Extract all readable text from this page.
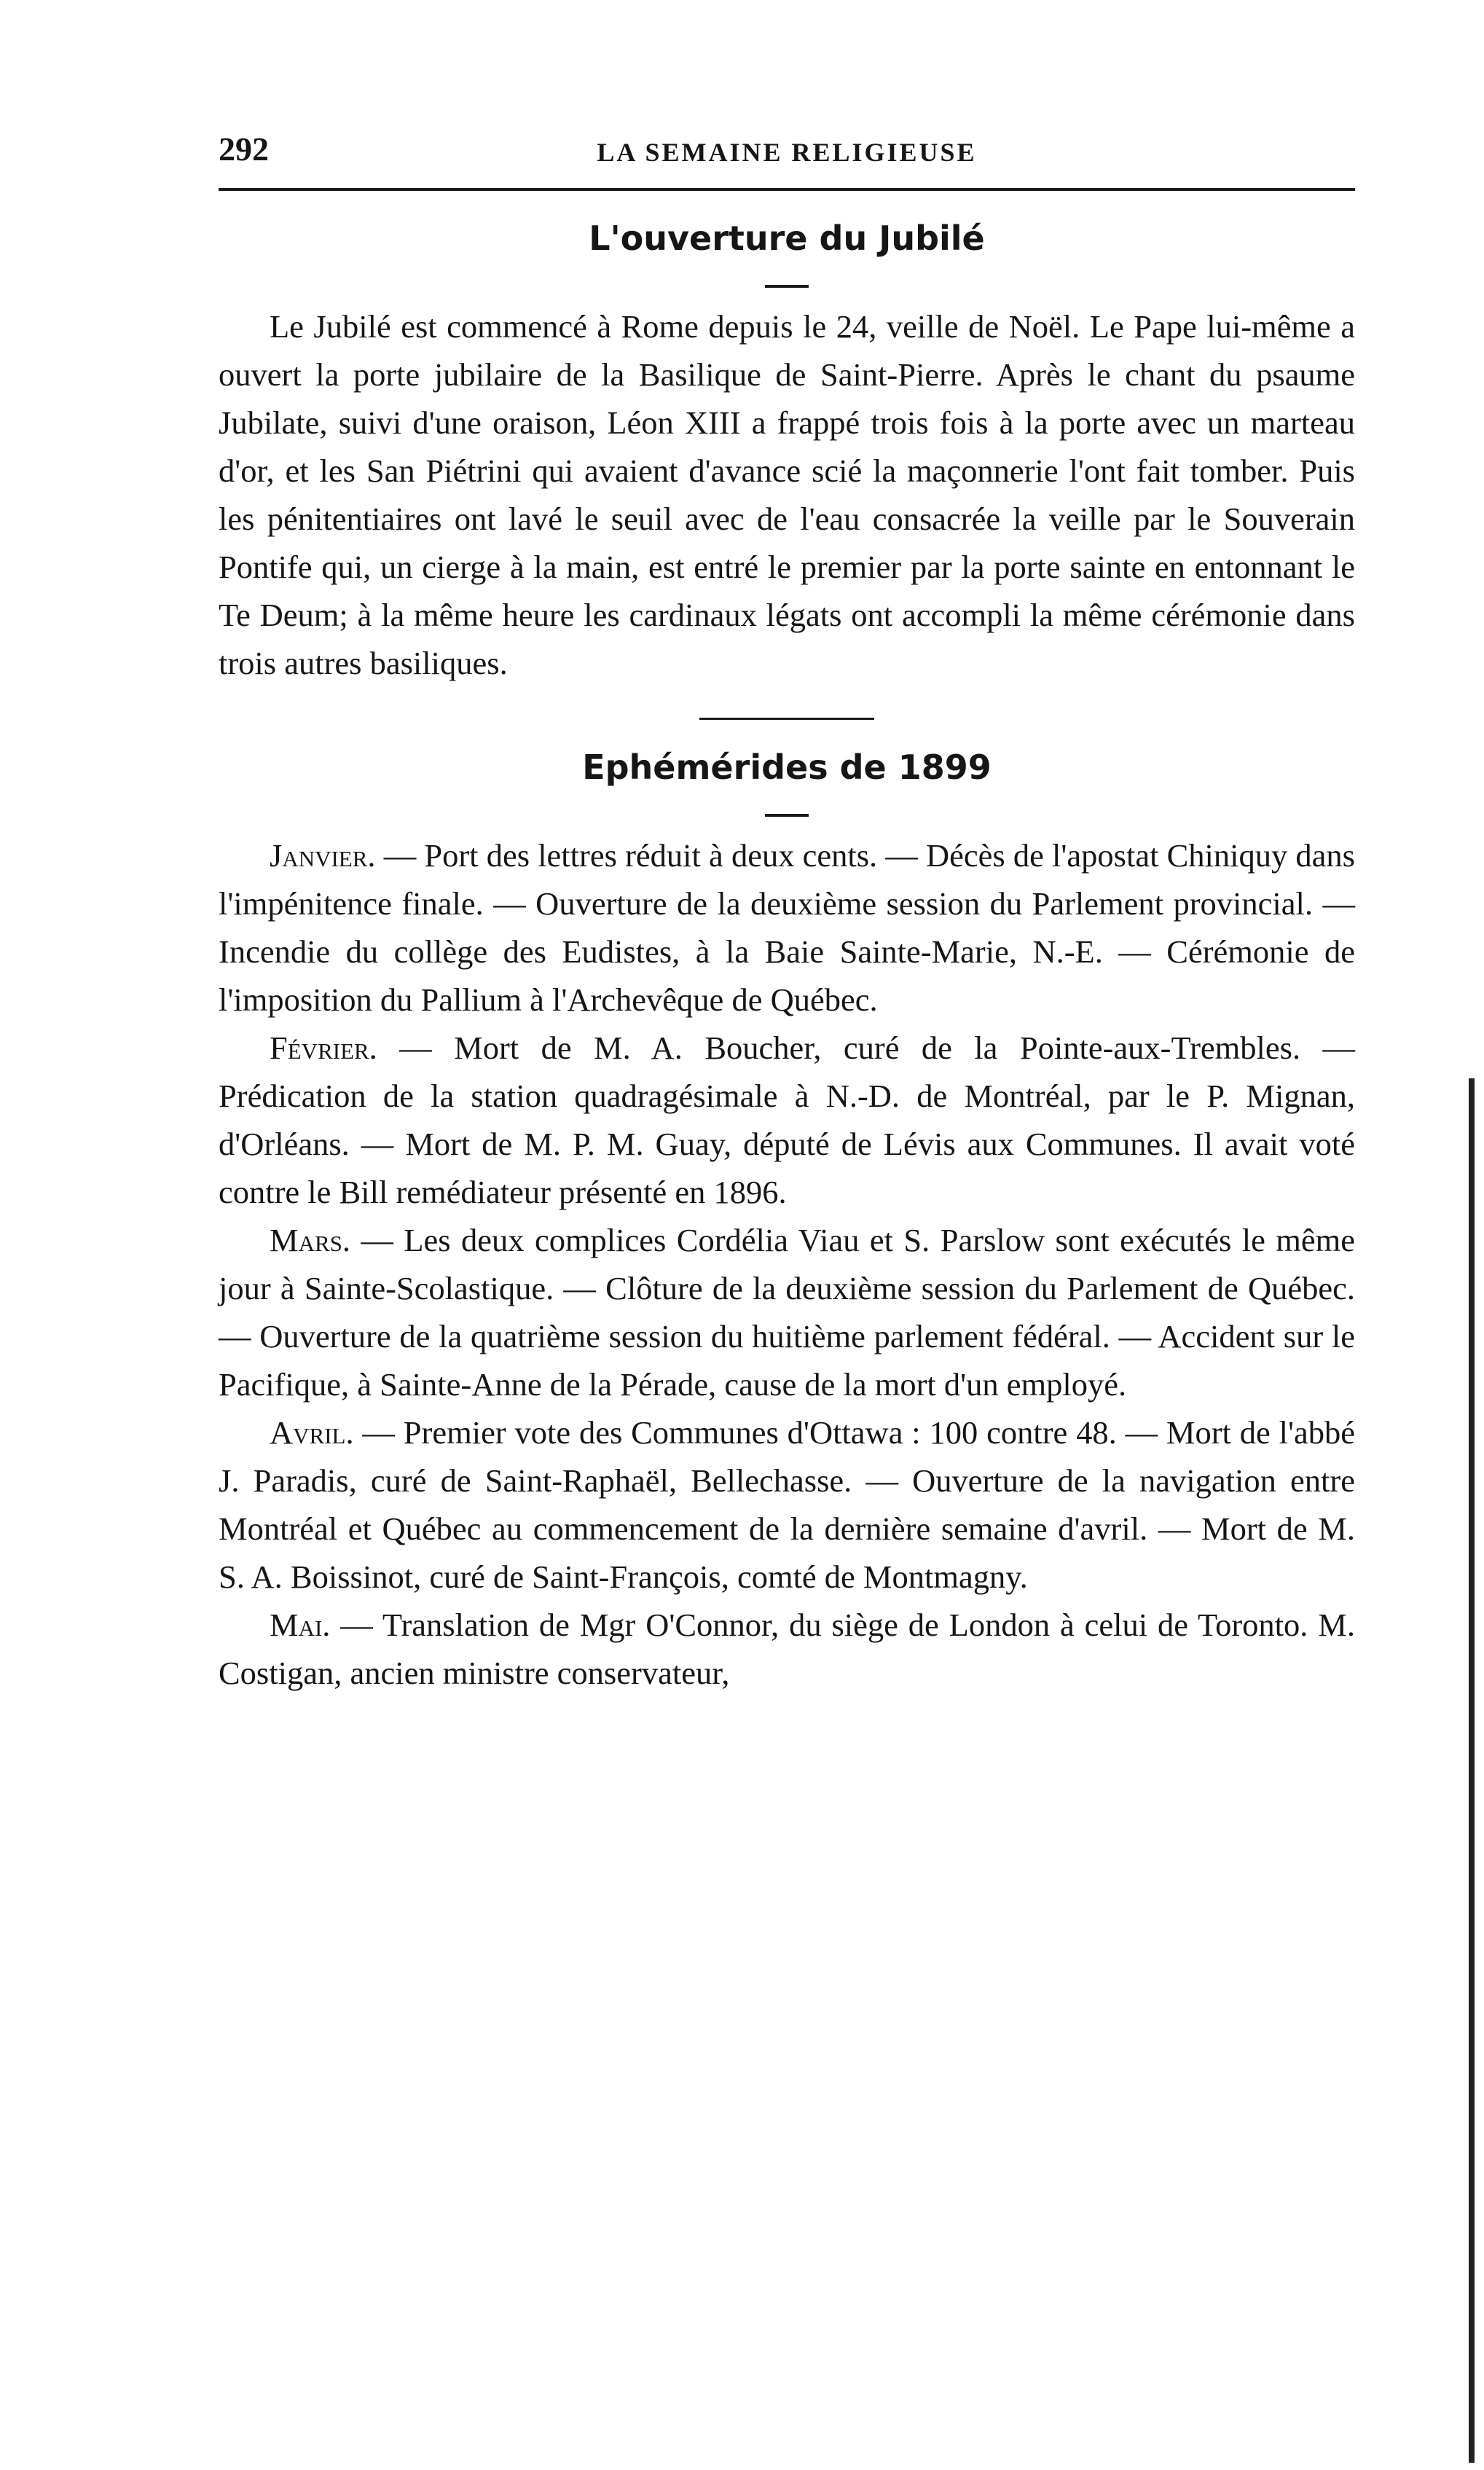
292	LA SEMAINE RELIGIEUSE
L'ouverture du Jubilé

Le Jubilé est commencé à Rome depuis le 24, veille de Noël. Le Pape lui-même a ouvert la porte jubilaire de la Basilique de Saint-Pierre. Après le chant du psaume Jubilate, suivi d'une oraison, Léon XIII a frappé trois fois à la porte avec un marteau d'or, et les San Piétrini qui avaient d'avance scié la maçonnerie l'ont fait tomber. Puis les pénitentiaires ont lavé le seuil avec de l'eau consacrée la veille par le Souverain Pontife qui, un cierge à la main, est entré le premier par la porte sainte en entonnant le Te Deum; à la même heure les cardinaux légats ont accompli la même cérémonie dans trois autres basiliques.

Ephémérides de 1899

Janvier. — Port des lettres réduit à deux cents. — Décès de l'apostat Chiniquy dans l'impénitence finale. — Ouverture de la deuxième session du Parlement provincial. — Incendie du collège des Eudistes, à la Baie Sainte-Marie, N.-E. — Cérémonie de l'imposition du Pallium à l'Archevêque de Québec.

Février. — Mort de M. A. Boucher, curé de la Pointe-aux-Trembles. — Prédication de la station quadragésimale à N.-D. de Montréal, par le P. Mignan, d'Orléans. — Mort de M. P. M. Guay, député de Lévis aux Communes. Il avait voté contre le Bill remédiateur présenté en 1896.

Mars. — Les deux complices Cordélia Viau et S. Parslow sont exécutés le même jour à Sainte-Scolastique. — Clôture de la deuxième session du Parlement de Québec. — Ouverture de la quatrième session du huitième parlement fédéral. — Accident sur le Pacifique, à Sainte-Anne de la Pérade, cause de la mort d'un employé.

Avril. — Premier vote des Communes d'Ottawa : 100 contre 48. — Mort de l'abbé J. Paradis, curé de Saint-Raphaël, Bellechasse. — Ouverture de la navigation entre Montréal et Québec au commencement de la dernière semaine d'avril. — Mort de M. S. A. Boissinot, curé de Saint-François, comté de Montmagny.

Mai. — Translation de Mgr O'Connor, du siège de London à celui de Toronto. M. Costigan, ancien ministre conservateur,
